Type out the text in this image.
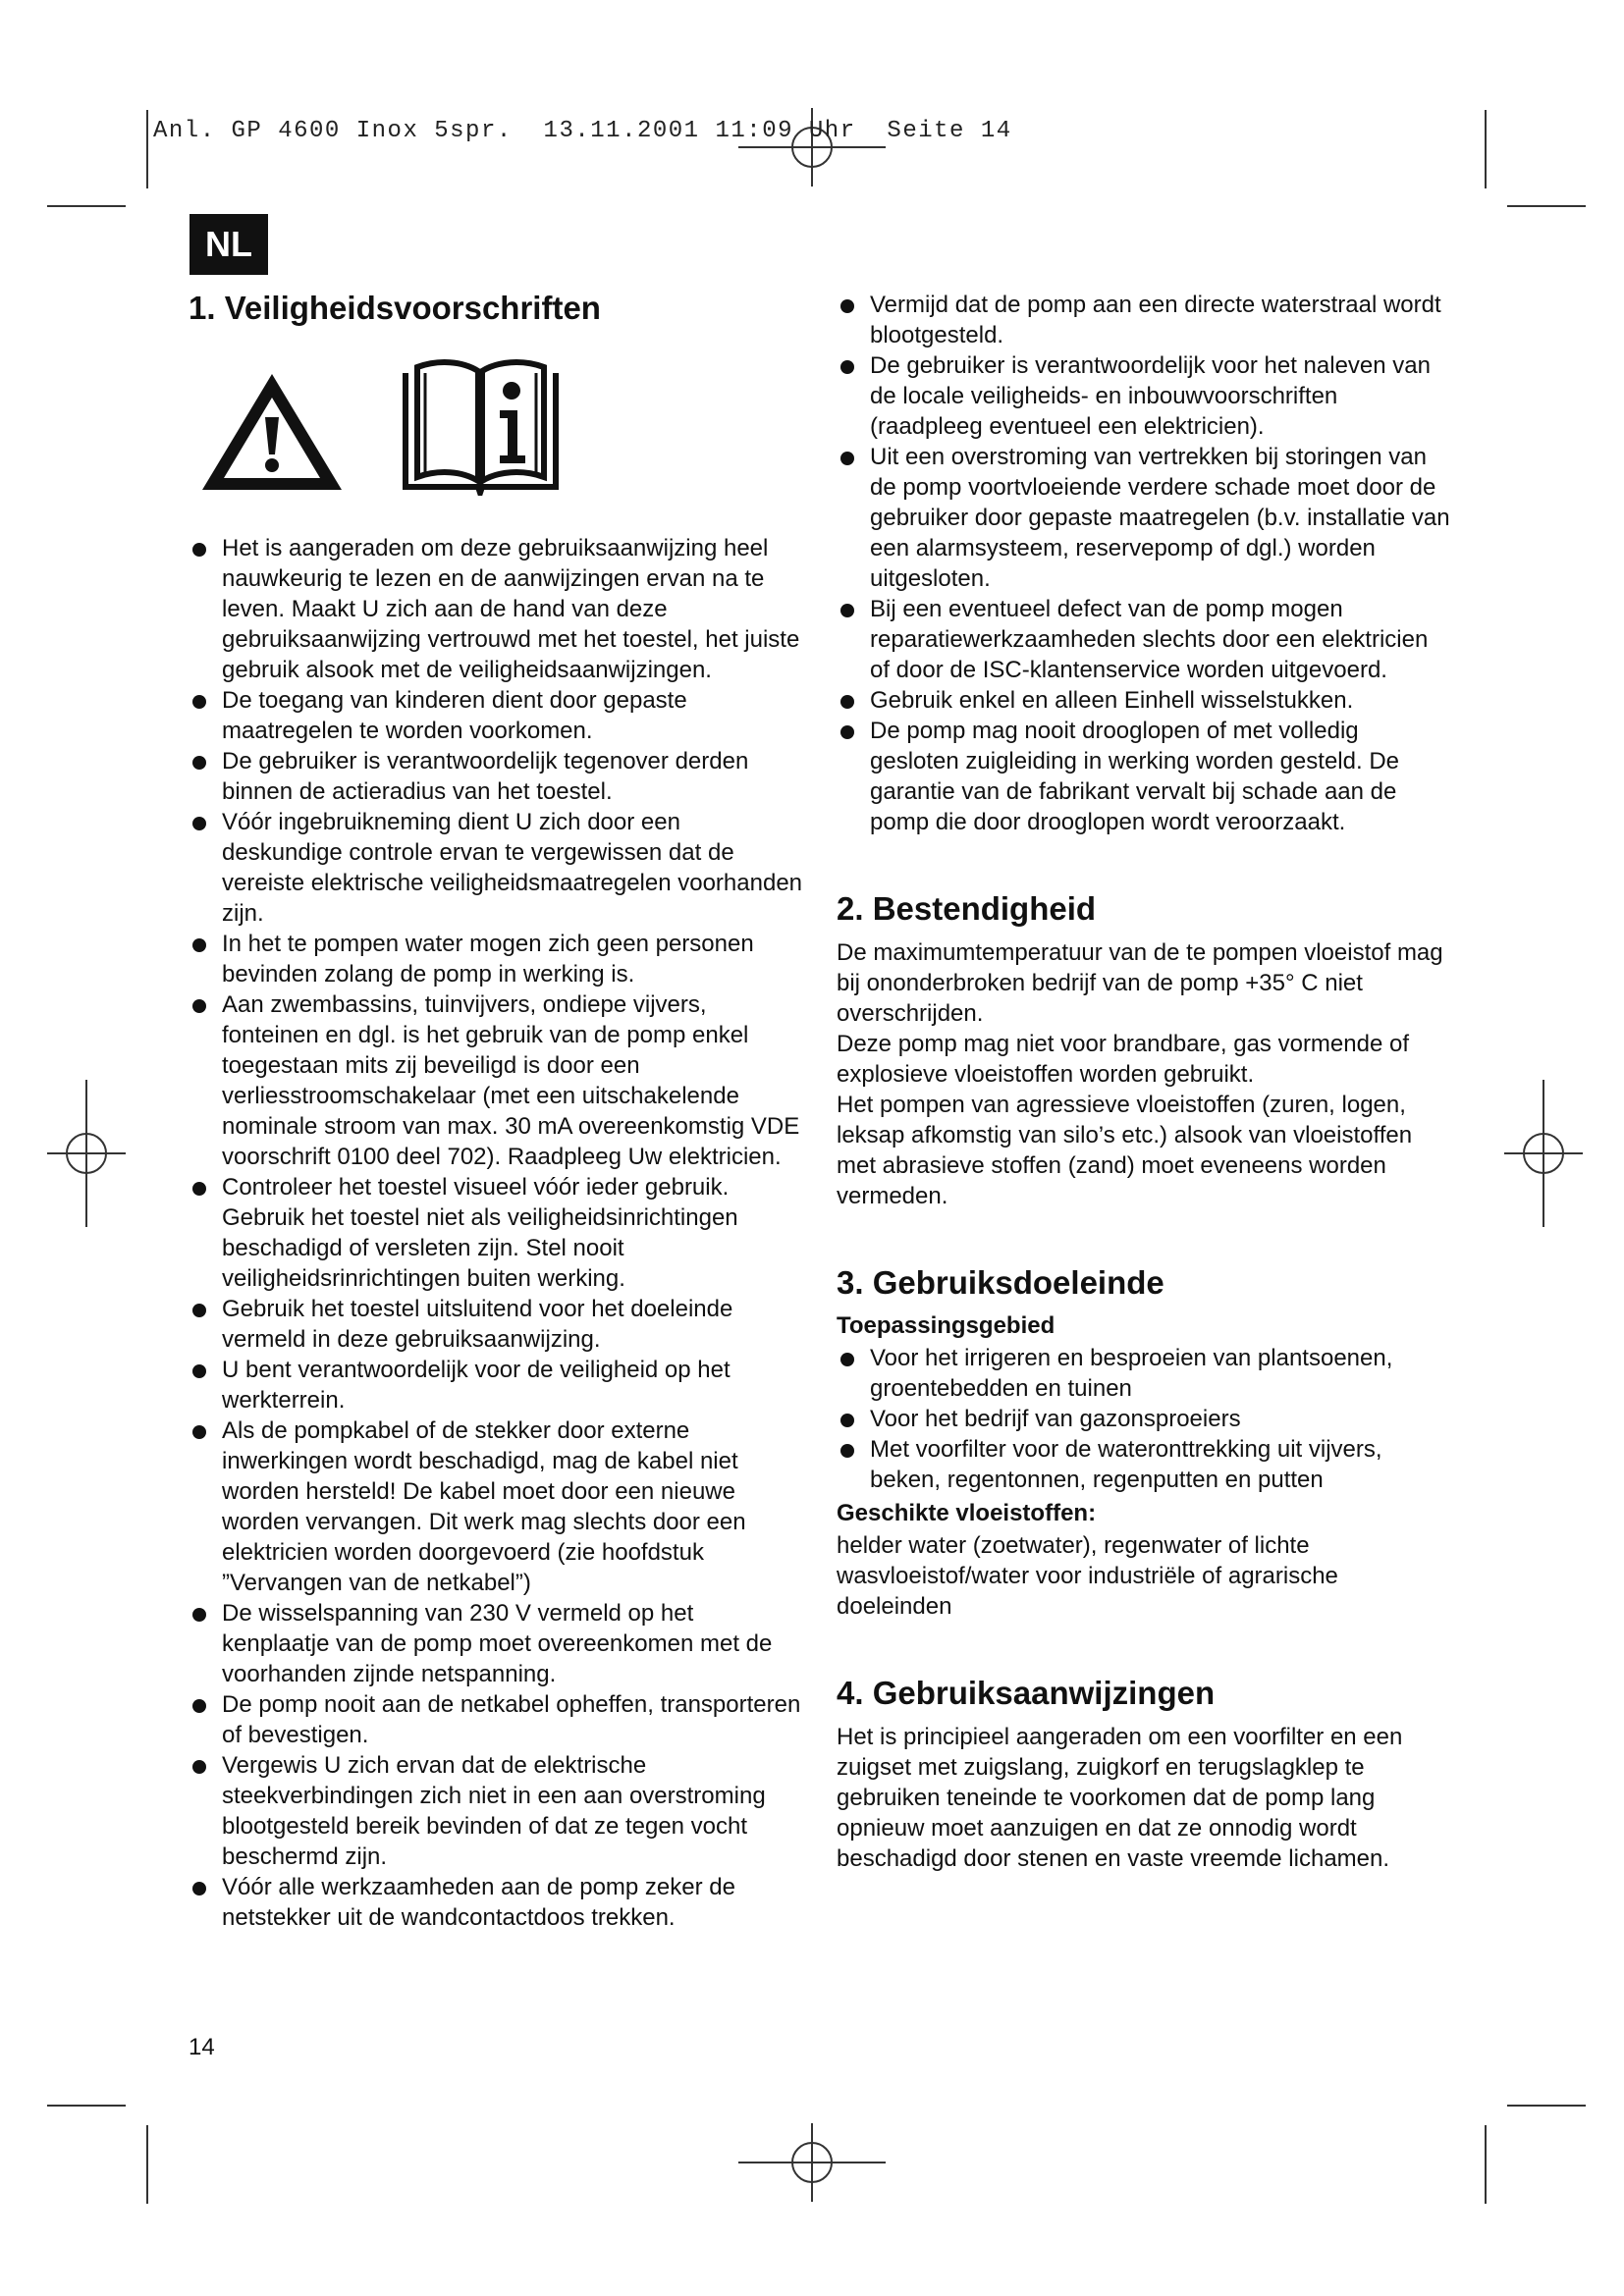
Anl. GP 4600 Inox 5spr.  13.11.2001 11:09 Uhr  Seite 14
NL
1. Veiligheidsvoorschriften
Het is aangeraden om deze gebruiksaanwijzing heel nauwkeurig te lezen en de aanwijzingen ervan na te leven. Maakt U zich aan de hand van deze gebruiksaanwijzing vertrouwd met het toestel, het juiste gebruik alsook met de veiligheidsaanwijzingen.
De toegang van kinderen dient door gepaste maatregelen te worden voorkomen.
De gebruiker is verantwoordelijk tegenover derden binnen de actieradius van het toestel.
Vóór ingebruikneming dient U zich door een deskundige controle ervan te vergewissen dat de vereiste elektrische veiligheidsmaatregelen voorhanden zijn.
In het te pompen water mogen zich geen personen bevinden zolang de pomp in werking is.
Aan zwembassins, tuinvijvers, ondiepe vijvers, fonteinen en dgl. is het gebruik van de pomp enkel toegestaan mits zij beveiligd is door een verliesstroomschakelaar (met een uitschakelende nominale stroom van max. 30 mA overeenkomstig VDE voorschrift 0100 deel 702). Raadpleeg Uw elektricien.
Controleer het toestel visueel vóór ieder gebruik. Gebruik het toestel niet als veiligheidsinrichtingen beschadigd of versleten zijn. Stel nooit veiligheidsrinrichtingen buiten werking.
Gebruik het toestel uitsluitend voor het doeleinde vermeld in deze gebruiksaanwijzing.
U bent verantwoordelijk voor de veiligheid op het werkterrein.
Als de pompkabel of de stekker door externe inwerkingen wordt beschadigd, mag de kabel niet worden hersteld! De kabel moet door een nieuwe worden vervangen. Dit werk mag slechts door een elektricien worden doorgevoerd (zie hoofdstuk ”Vervangen van de netkabel”)
De wisselspanning van 230 V vermeld op het kenplaatje van de pomp moet overeenkomen met de voorhanden zijnde netspanning.
De pomp nooit aan de netkabel opheffen, transporteren of bevestigen.
Vergewis U zich ervan dat de elektrische steekverbindingen zich niet in een aan overstroming blootgesteld bereik bevinden of dat ze tegen vocht beschermd zijn.
Vóór alle werkzaamheden aan de pomp zeker de netstekker uit de wandcontactdoos trekken.
Vermijd dat de pomp aan een directe waterstraal wordt blootgesteld.
De gebruiker is verantwoordelijk voor het naleven van de locale veiligheids- en inbouwvoorschriften (raadpleeg eventueel een elektricien).
Uit een overstroming van vertrekken bij storingen van de pomp voortvloeiende verdere schade moet door de gebruiker door gepaste maatregelen (b.v. installatie van een alarmsysteem, reservepomp of dgl.) worden uitgesloten.
Bij een eventueel defect van de pomp mogen reparatiewerkzaamheden slechts door een elektricien of door de ISC-klantenservice worden uitgevoerd.
Gebruik enkel en alleen Einhell wisselstukken.
De pomp mag nooit drooglopen of met volledig gesloten zuigleiding in werking worden gesteld. De garantie van de fabrikant vervalt bij schade aan de pomp die door drooglopen wordt veroorzaakt.
2. Bestendigheid

De maximumtemperatuur van de te pompen vloeistof mag bij ononderbroken bedrijf van de pomp +35° C niet overschrijden.

Deze pomp mag niet voor brandbare, gas vormende of explosieve vloeistoffen worden gebruikt.

Het pompen van agressieve vloeistoffen (zuren, logen, leksap afkomstig van silo’s etc.) alsook van vloeistoffen met abrasieve stoffen (zand) moet eveneens worden vermeden.

3. Gebruiksdoeleinde
Toepassingsgebied
Voor het irrigeren en besproeien van plantsoenen, groentebedden en tuinen
Voor het bedrijf van gazonsproeiers
Met voorfilter voor de wateronttrekking uit vijvers, beken, regentonnen, regenputten en putten
Geschikte vloeistoffen:

helder water (zoetwater), regenwater of lichte wasvloeistof/water voor industriële of agrarische doeleinden

4. Gebruiksaanwijzingen

Het is principieel aangeraden om een voorfilter en een zuigset met zuigslang, zuigkorf en terugslagklep te gebruiken teneinde te voorkomen dat de pomp lang opnieuw moet aanzuigen en dat ze onnodig wordt beschadigd door stenen en vaste vreemde lichamen.

14
